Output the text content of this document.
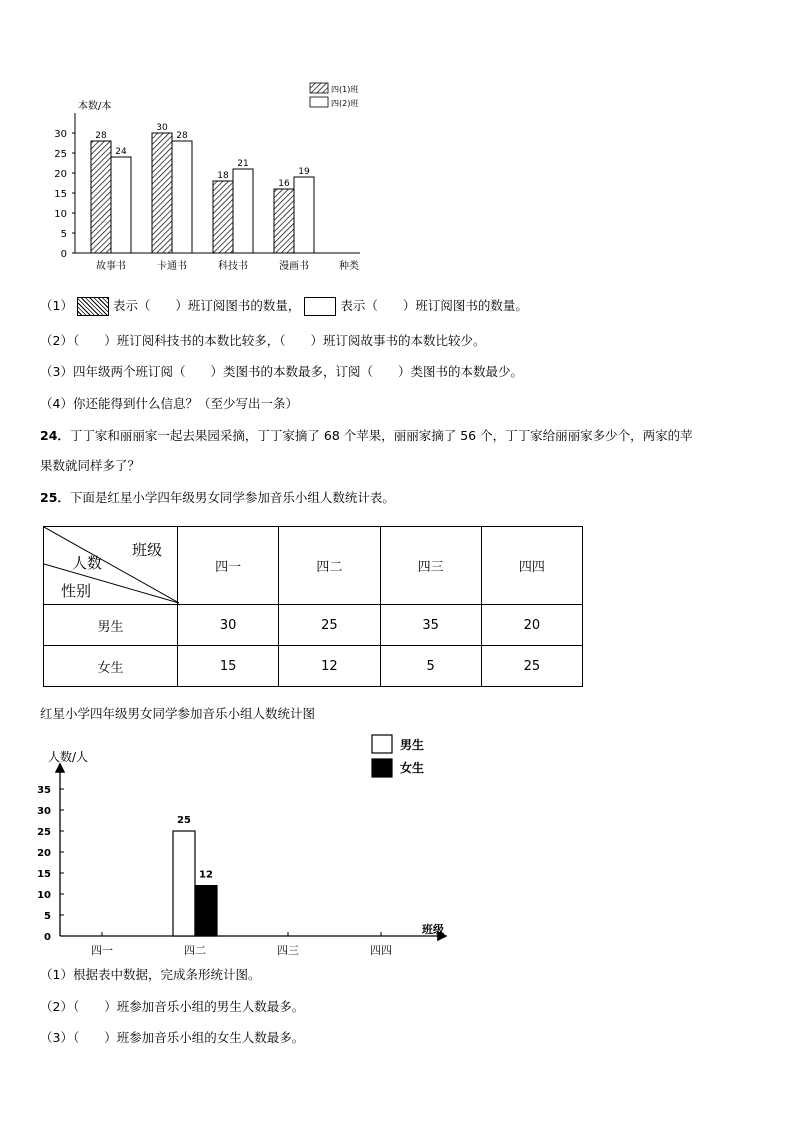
0
5
10
15
20
25
30	28
24
故事书
30
28
卡通书
18
21
科技书
16
19
漫画书
本数/本
种类
四(1)班
四(2)班
（1）	表示（　　）班订阅图书的数量，	表示（　　）班订阅图书的数量。
（2）（　　）班订阅科技书的本数比较多，（　　）班订阅故事书的本数比较少。
（3）四年级两个班订阅（　　）类图书的本数最多，订阅（　　）类图书的本数最少。
（4）你还能得到什么信息？（至少写出一条）
24．丁丁家和丽丽家一起去果园采摘，丁丁家摘了 68 个苹果，丽丽家摘了 56 个，丁丁家给丽丽家多少个，两家的苹
果数就同样多了？
25．下面是红星小学四年级男女同学参加音乐小组人数统计表。
班级
人数
性别	四一	四二	四三	四四
男生	30	25	35	20
女生	15	12	5	25
红星小学四年级男女同学参加音乐小组人数统计图
0
5
10
15
20
25
30
35
四一	四二
25
12
四三	四四
人数/人
班级
男生
女生
（1）根据表中数据，完成条形统计图。
（2）（　　）班参加音乐小组的男生人数最多。
（3）（　　）班参加音乐小组的女生人数最多。
